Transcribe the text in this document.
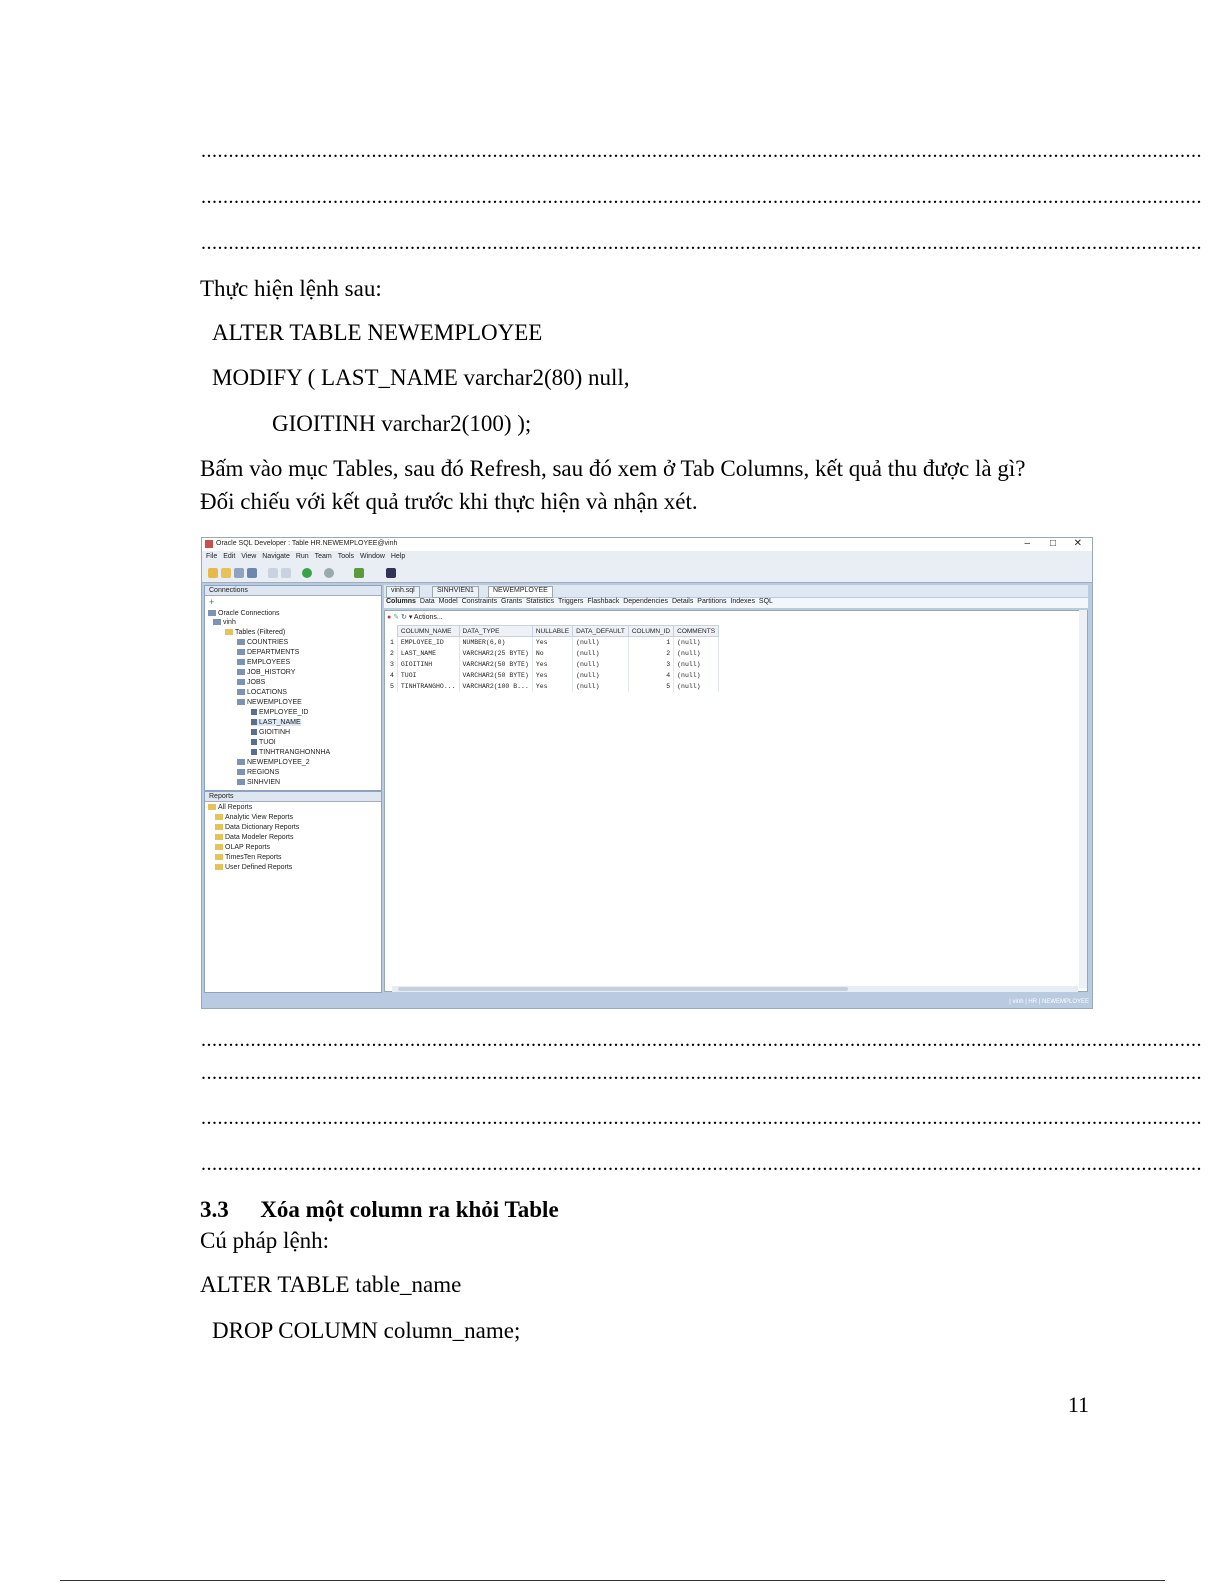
......................................................................................................................................................................................
......................................................................................................................................................................................
......................................................................................................................................................................................
Thực hiện lệnh sau:
ALTER TABLE NEWEMPLOYEE
MODIFY ( LAST_NAME varchar2(80) null,
GIOITINH varchar2(100) );
Bấm vào mục Tables, sau đó Refresh, sau đó xem ở Tab Columns, kết quả thu được là gì?
Đối chiếu với kết quả trước khi thực hiện và nhận xét.
Oracle SQL Developer : Table HR.NEWEMPLOYEE@vinh	– □ ✕
File Edit View Navigate Run Team Tools Window Help
Connections
+
Oracle Connections
vinh
Tables (Filtered)
COUNTRIES
DEPARTMENTS
EMPLOYEES
JOB_HISTORY
JOBS
LOCATIONS
NEWEMPLOYEE
EMPLOYEE_ID
LAST_NAME
GIOITINH
TUOI
TINHTRANGHONNHA
NEWEMPLOYEE_2
REGIONS
SINHVIEN
Reports
All Reports
Analytic View Reports
Data Dictionary Reports
Data Modeler Reports
OLAP Reports
TimesTen Reports
User Defined Reports
vinh.sql	SINHVIEN1	NEWEMPLOYEE
Columns Data Model Constraints Grants Statistics Triggers Flashback Dependencies Details Partitions Indexes SQL
● ✎ ↻ ▾ Actions...
	COLUMN_NAME	DATA_TYPE	NULLABLE	DATA_DEFAULT	COLUMN_ID	COMMENTS
1	EMPLOYEE_ID	NUMBER(6,0)	Yes	(null)	1	(null)
2	LAST_NAME	VARCHAR2(25 BYTE)	No	(null)	2	(null)
3	GIOITINH	VARCHAR2(50 BYTE)	Yes	(null)	3	(null)
4	TUOI	VARCHAR2(50 BYTE)	Yes	(null)	4	(null)
5	TINHTRANGHO...	VARCHAR2(100 B...	Yes	(null)	5	(null)
| vinh | HR | NEWEMPLOYEE
......................................................................................................................................................................................
......................................................................................................................................................................................
......................................................................................................................................................................................
......................................................................................................................................................................................
3.3 Xóa một column ra khỏi Table
Cú pháp lệnh:
ALTER TABLE table_name
DROP COLUMN column_name;
11
